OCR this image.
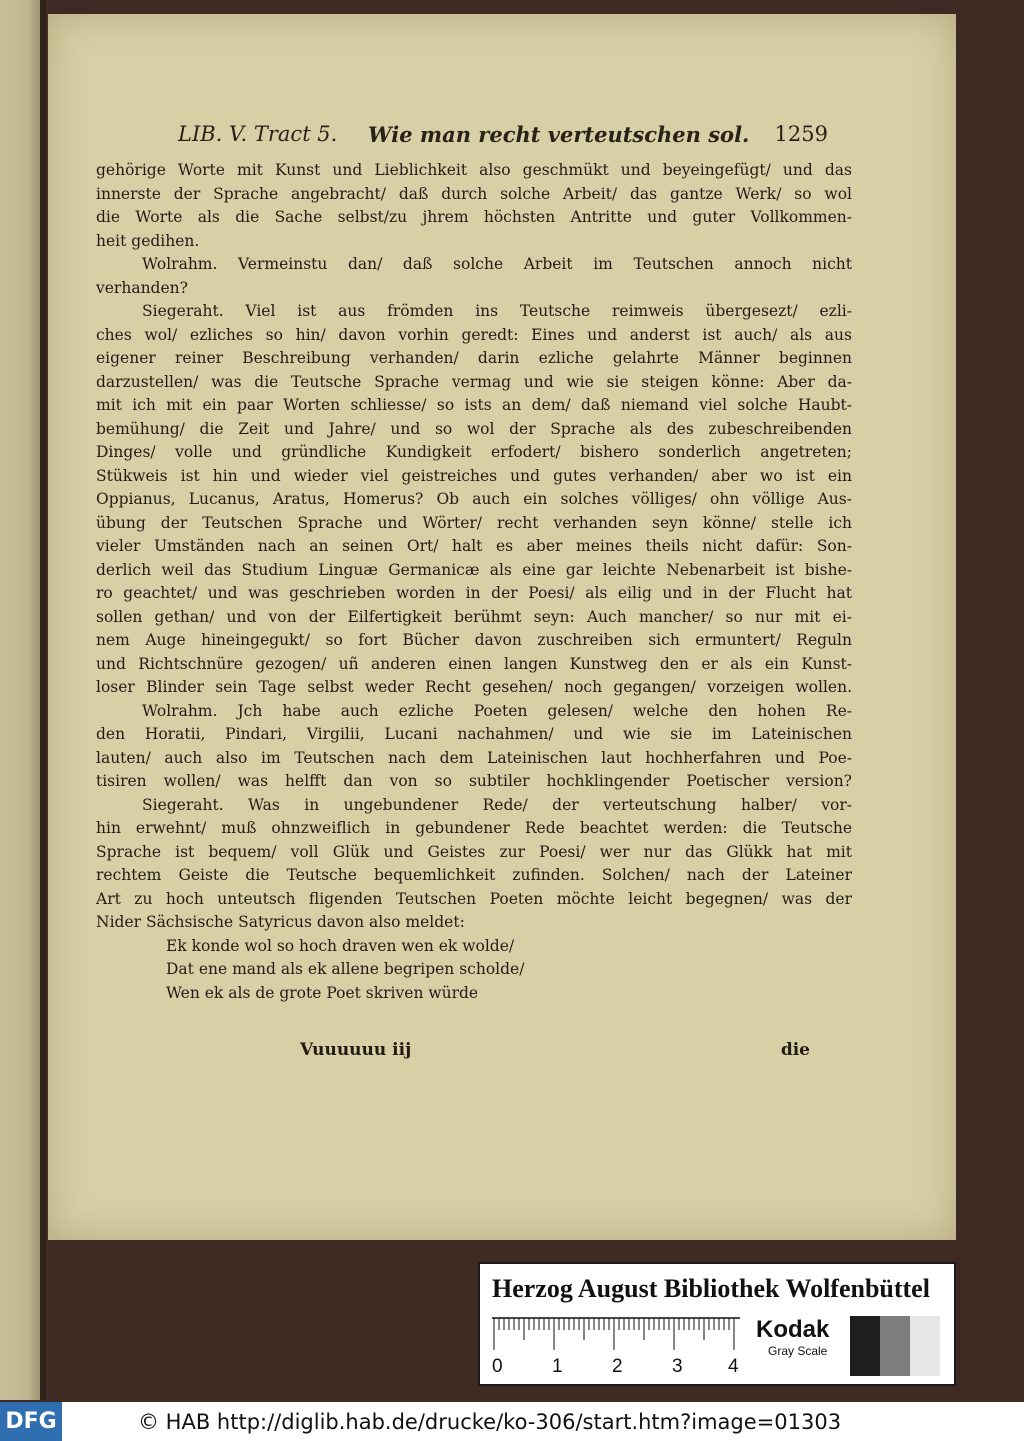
LIB. V. Tract 5. Wie man recht verteutschen sol. 1259
gehörige Worte mit Kunst und Lieblichkeit also geschmükt und beyeingefügt/ und das
innerste der Sprache angebracht/ daß durch solche Arbeit/ das gantze Werk/ so wol
die Worte als die Sache selbst/zu jhrem höchsten Antritte und guter Vollkommen-
heit gedihen.
Wolrahm. Vermeinstu dan/ daß solche Arbeit im Teutschen annoch nicht
verhanden?
Siegeraht. Viel ist aus frömden ins Teutsche reimweis übergesezt/ ezli-
ches wol/ ezliches so hin/ davon vorhin geredt: Eines und anderst ist auch/ als aus
eigener reiner Beschreibung verhanden/ darin ezliche gelahrte Männer beginnen
darzustellen/ was die Teutsche Sprache vermag und wie sie steigen könne: Aber da-
mit ich mit ein paar Worten schliesse/ so ists an dem/ daß niemand viel solche Haubt-
bemühung/ die Zeit und Jahre/ und so wol der Sprache als des zubeschreibenden
Dinges/ volle und gründliche Kundigkeit erfodert/ bishero sonderlich angetreten;
Stükweis ist hin und wieder viel geistreiches und gutes verhanden/ aber wo ist ein
Oppianus, Lucanus, Aratus, Homerus? Ob auch ein solches völliges/ ohn völlige Aus-
übung der Teutschen Sprache und Wörter/ recht verhanden seyn könne/ stelle ich
vieler Umständen nach an seinen Ort/ halt es aber meines theils nicht dafür: Son-
derlich weil das Studium Linguæ Germanicæ als eine gar leichte Nebenarbeit ist bishe-
ro geachtet/ und was geschrieben worden in der Poesi/ als eilig und in der Flucht hat
sollen gethan/ und von der Eilfertigkeit berühmt seyn: Auch mancher/ so nur mit ei-
nem Auge hineingegukt/ so fort Bücher davon zuschreiben sich ermuntert/ Reguln
und Richtschnüre gezogen/ uñ anderen einen langen Kunstweg den er als ein Kunst-
loser Blinder sein Tage selbst weder Recht gesehen/ noch gegangen/ vorzeigen wollen.
Wolrahm. Jch habe auch ezliche Poeten gelesen/ welche den hohen Re-
den Horatii, Pindari, Virgilii, Lucani nachahmen/ und wie sie im Lateinischen
lauten/ auch also im Teutschen nach dem Lateinischen laut hochherfahren und Poe-
tisiren wollen/ was helfft dan von so subtiler hochklingender Poetischer version?
Siegeraht. Was in ungebundener Rede/ der verteutschung halber/ vor-
hin erwehnt/ muß ohnzweiflich in gebundener Rede beachtet werden: die Teutsche
Sprache ist bequem/ voll Glük und Geistes zur Poesi/ wer nur das Glükk hat mit
rechtem Geiste die Teutsche bequemlichkeit zufinden. Solchen/ nach der Lateiner
Art zu hoch unteutsch fligenden Teutschen Poeten möchte leicht begegnen/ was der
Nider Sächsische Satyricus davon also meldet:
Ek konde wol so hoch draven wen ek wolde/
Dat ene mand als ek allene begripen scholde/
Wen ek als de grote Poet skriven würde
Vuuuuuu iij	die
Herzog August Bibliothek Wolfenbüttel
0	1	2	3 4
Kodak
Gray Scale
DFG	© HAB http://diglib.hab.de/drucke/ko-306/start.htm?image=01303
